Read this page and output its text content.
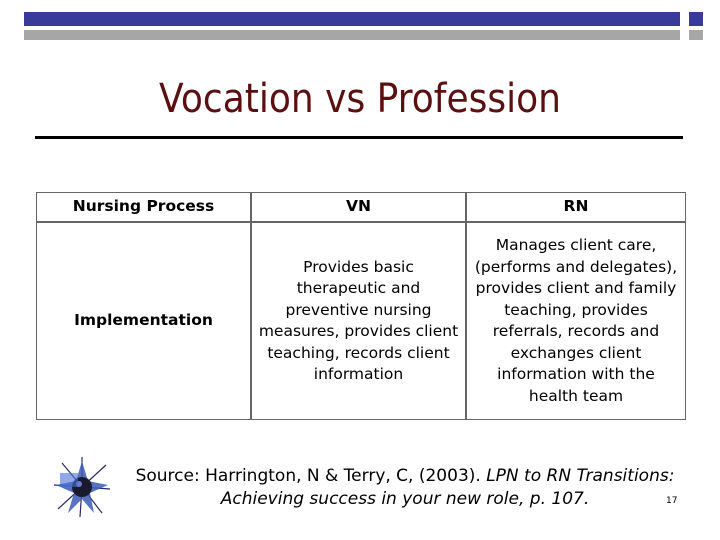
Vocation vs Profession
Nursing Process	VN	RN
Implementation	Provides basic therapeutic and preventive nursing measures, provides client teaching, records client information	Manages client care, (performs and delegates), provides client and family teaching, provides referrals, records and exchanges client information with the health team
Source: Harrington, N & Terry, C, (2003). LPN to RN Transitions: Achieving success in your new role, p. 107.	17
